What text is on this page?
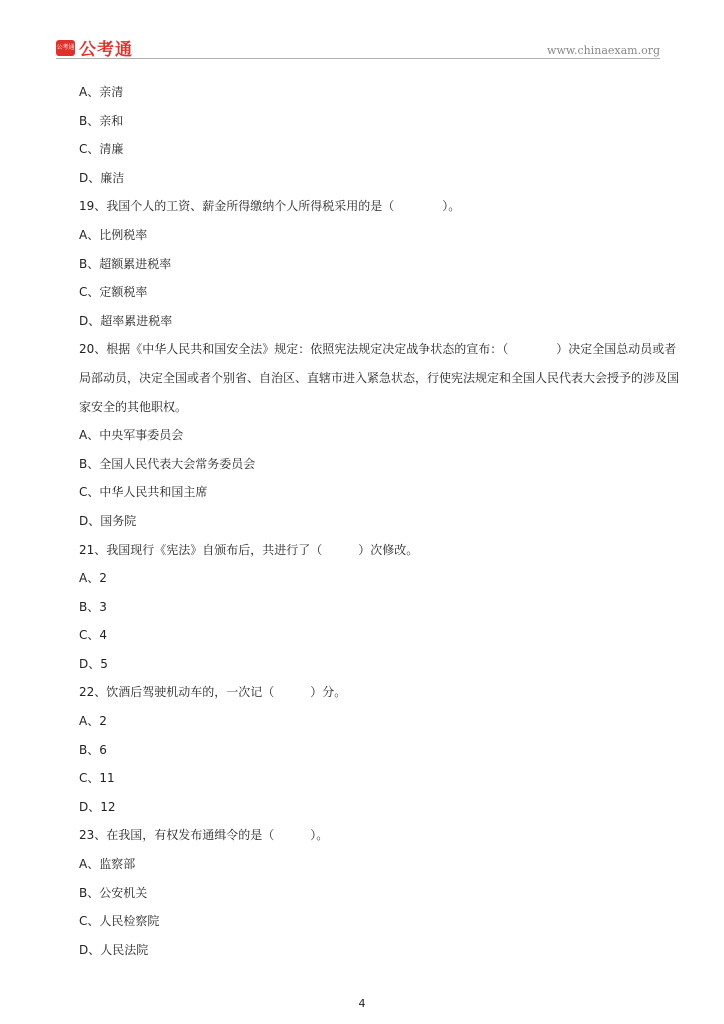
公考通 公考通	www.chinaexam.org
A、亲清
B、亲和
C、清廉
D、廉洁
19、我国个人的工资、薪金所得缴纳个人所得税采用的是（　　　　）。
A、比例税率
B、超额累进税率
C、定额税率
D、超率累进税率
20、根据《中华人民共和国安全法》规定：依照宪法规定决定战争状态的宣布：（　　　　）决定全国总动员或者局部动员，决定全国或者个别省、自治区、直辖市进入紧急状态，行使宪法规定和全国人民代表大会授予的涉及国家安全的其他职权。
A、中央军事委员会
B、全国人民代表大会常务委员会
C、中华人民共和国主席
D、国务院
21、我国现行《宪法》自颁布后，共进行了（　　　）次修改。
A、2
B、3
C、4
D、5
22、饮酒后驾驶机动车的，一次记（　　　）分。
A、2
B、6
C、11
D、12
23、在我国，有权发布通缉令的是（　　　）。
A、监察部
B、公安机关
C、人民检察院
D、人民法院
4
